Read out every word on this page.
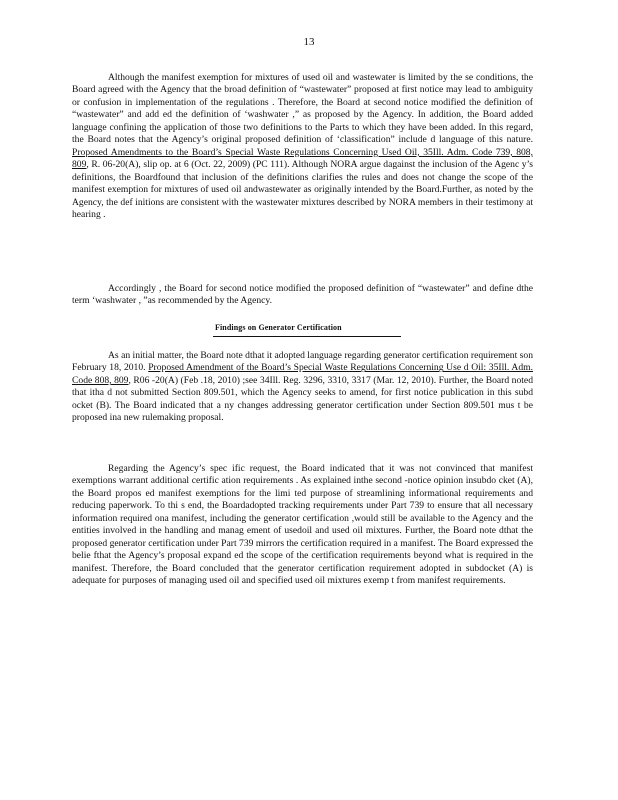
13

Although the manifest exemption for mixtures of used oil and wastewater is limited by the se conditions, the Board agreed with the Agency that the broad definition of “wastewater” proposed at first notice may lead to ambiguity or confusion in implementation of the regulations . Therefore, the Board at second notice modified the definition of “wastewater” and add ed the definition of ‘washwater ,” as proposed by the Agency. In addition, the Board added language confining the application of those two definitions to the Parts to which they have been added. In this regard, the Board notes that the Agency’s original proposed definition of ‘classification” include d language of this nature. Proposed Amendments to the Board’s Special Waste Regulations Concerning Used Oil, 35Ill. Adm. Code 739, 808, 809, R. 06-20(A), slip op. at 6 (Oct. 22, 2009) (PC 111). Although NORA argue dagainst the inclusion of the Agenc y’s definitions, the Boardfound that inclusion of the definitions clarifies the rules and does not change the scope of the manifest exemption for mixtures of used oil andwastewater as originally intended by the Board.Further, as noted by the Agency, the def initions are consistent with the wastewater mixtures described by NORA members in their testimony at hearing .

Accordingly , the Board for second notice modified the proposed definition of “wastewater” and define dthe term ‘washwater , ”as recommended by the Agency.

Findings on Generator Certification

As an initial matter, the Board note dthat it adopted language regarding generator certification requirement son February 18, 2010. Proposed Amendment of the Board’s Special Waste Regulations Concerning Use d Oil: 35Ill. Adm. Code 808, 809, R06 -20(A) (Feb .18, 2010) ;see 34Ill. Reg. 3296, 3310, 3317 (Mar. 12, 2010). Further, the Board noted that itha d not submitted Section 809.501, which the Agency seeks to amend, for first notice publication in this subd ocket (B). The Board indicated that a ny changes addressing generator certification under Section 809.501 mus t be proposed ina new rulemaking proposal.

Regarding the Agency’s spec ific request, the Board indicated that it was not convinced that manifest exemptions warrant additional certific ation requirements . As explained inthe second -notice opinion insubdo cket (A), the Board propos ed manifest exemptions for the limi ted purpose of streamlining informational requirements and reducing paperwork. To thi s end, the Boardadopted tracking requirements under Part 739 to ensure that all necessary information required ona manifest, including the generator certification ,would still be available to the Agency and the entities involved in the handling and manag ement of usedoil and used oil mixtures. Further, the Board note dthat the proposed generator certification under Part 739 mirrors the certification required in a manifest. The Board expressed the belie fthat the Agency’s proposal expand ed the scope of the certification requirements beyond what is required in the manifest. Therefore, the Board concluded that the generator certification requirement adopted in subdocket (A) is adequate for purposes of managing used oil and specified used oil mixtures exemp t from manifest requirements.
